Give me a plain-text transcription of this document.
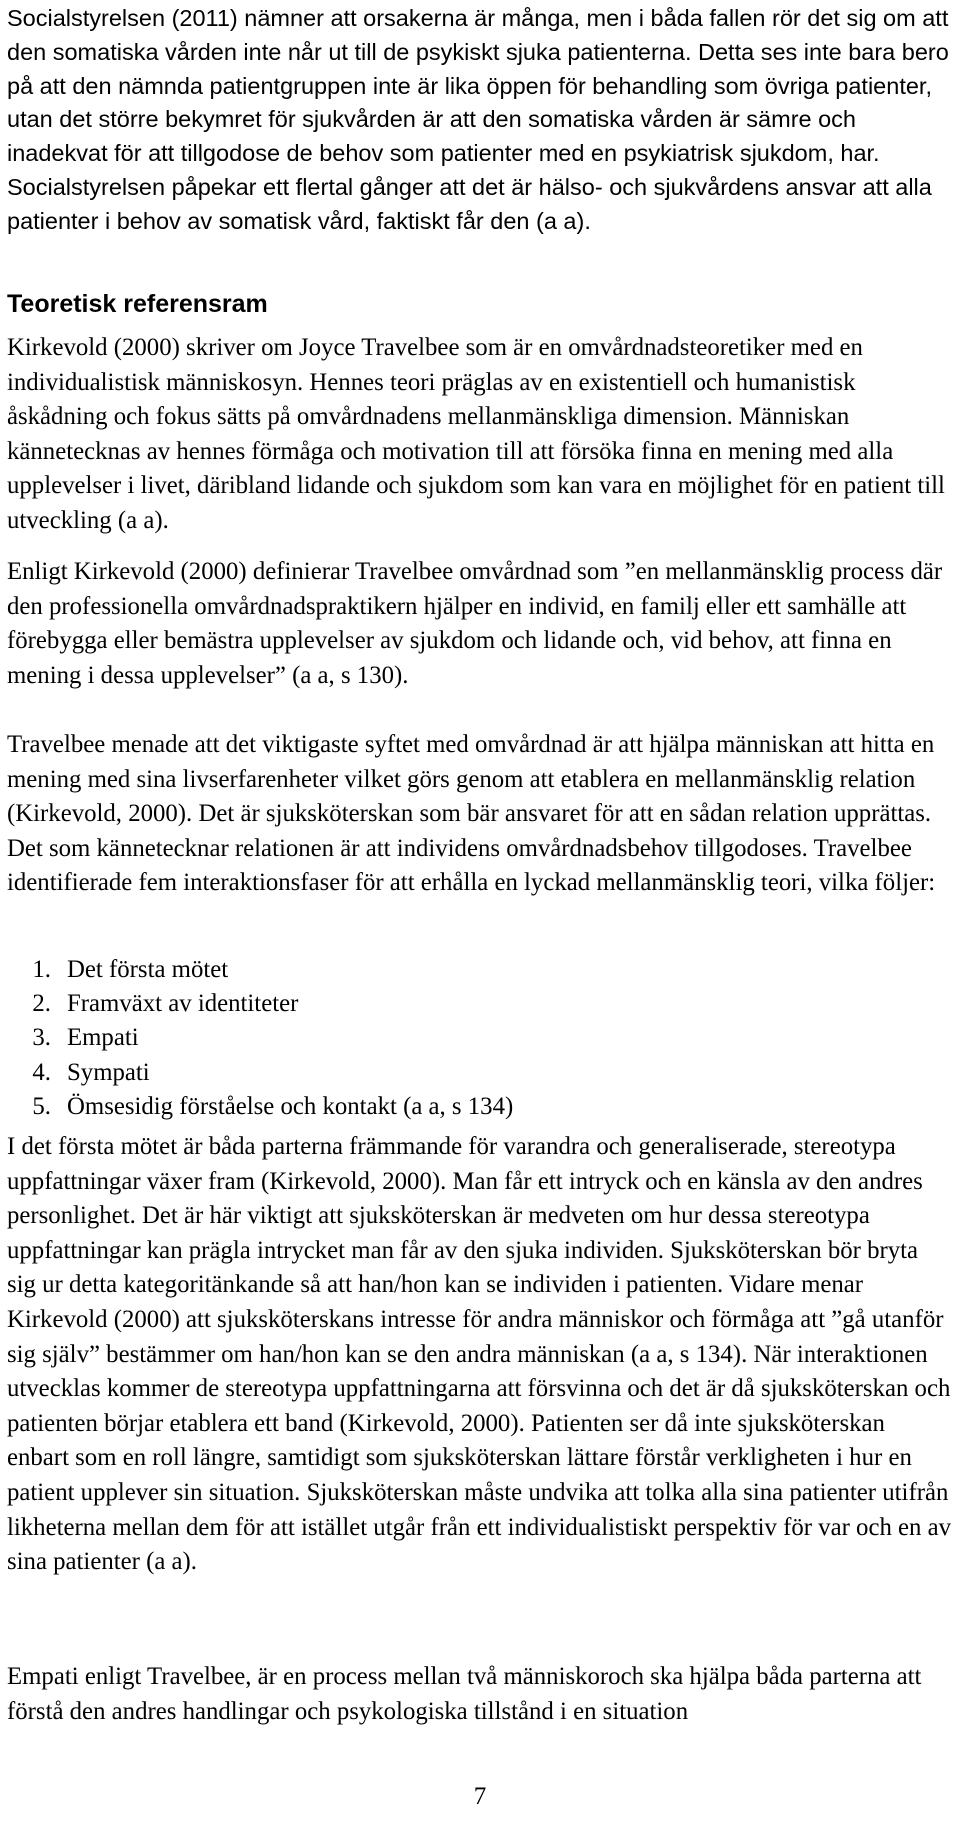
Socialstyrelsen (2011) nämner att orsakerna är många, men i båda fallen rör det sig om att den somatiska vården inte når ut till de psykiskt sjuka patienterna. Detta ses inte bara bero på att den nämnda patientgruppen inte är lika öppen för behandling som övriga patienter, utan det större bekymret för sjukvården är att den somatiska vården är sämre och inadekvat för att tillgodose de behov som patienter med en psykiatrisk sjukdom, har. Socialstyrelsen påpekar ett flertal gånger att det är hälso- och sjukvårdens ansvar att alla patienter i behov av somatisk vård, faktiskt får den (a a).

Teoretisk referensram

Kirkevold (2000) skriver om Joyce Travelbee som är en omvårdnadsteoretiker med en individualistisk människosyn. Hennes teori präglas av en existentiell och humanistisk åskådning och fokus sätts på omvårdnadens mellanmänskliga dimension. Människan kännetecknas av hennes förmåga och motivation till att försöka finna en mening med alla upplevelser i livet, däribland lidande och sjukdom som kan vara en möjlighet för en patient till utveckling (a a).

Enligt Kirkevold (2000) definierar Travelbee omvårdnad som ”en mellanmänsklig process där den professionella omvårdnadspraktikern hjälper en individ, en familj eller ett samhälle att förebygga eller bemästra upplevelser av sjukdom och lidande och, vid behov, att finna en mening i dessa upplevelser” (a a, s 130).

Travelbee menade att det viktigaste syftet med omvårdnad är att hjälpa människan att hitta en mening med sina livserfarenheter vilket görs genom att etablera en mellanmänsklig relation (Kirkevold, 2000). Det är sjuksköterskan som bär ansvaret för att en sådan relation upprättas. Det som kännetecknar relationen är att individens omvårdnadsbehov tillgodoses. Travelbee identifierade fem interaktionsfaser för att erhålla en lyckad mellanmänsklig teori, vilka följer:

1. Det första mötet
2. Framväxt av identiteter
3. Empati
4. Sympati
5. Ömsesidig förståelse och kontakt (a a, s 134)

I det första mötet är båda parterna främmande för varandra och generaliserade, stereotypa uppfattningar växer fram (Kirkevold, 2000). Man får ett intryck och en känsla av den andres personlighet. Det är här viktigt att sjuksköterskan är medveten om hur dessa stereotypa uppfattningar kan prägla intrycket man får av den sjuka individen. Sjuksköterskan bör bryta sig ur detta kategoritänkande så att han/hon kan se individen i patienten. Vidare menar Kirkevold (2000) att sjuksköterskans intresse för andra människor och förmåga att ”gå utanför sig själv” bestämmer om han/hon kan se den andra människan (a a, s 134). När interaktionen utvecklas kommer de stereotypa uppfattningarna att försvinna och det är då sjuksköterskan och patienten börjar etablera ett band (Kirkevold, 2000). Patienten ser då inte sjuksköterskan enbart som en roll längre, samtidigt som sjuksköterskan lättare förstår verkligheten i hur en patient upplever sin situation. Sjuksköterskan måste undvika att tolka alla sina patienter utifrån likheterna mellan dem för att istället utgår från ett individualistiskt perspektiv för var och en av sina patienter (a a).

Empati enligt Travelbee, är en process mellan två människoroch ska hjälpa båda parterna att förstå den andres handlingar och psykologiska tillstånd i en situation

7
